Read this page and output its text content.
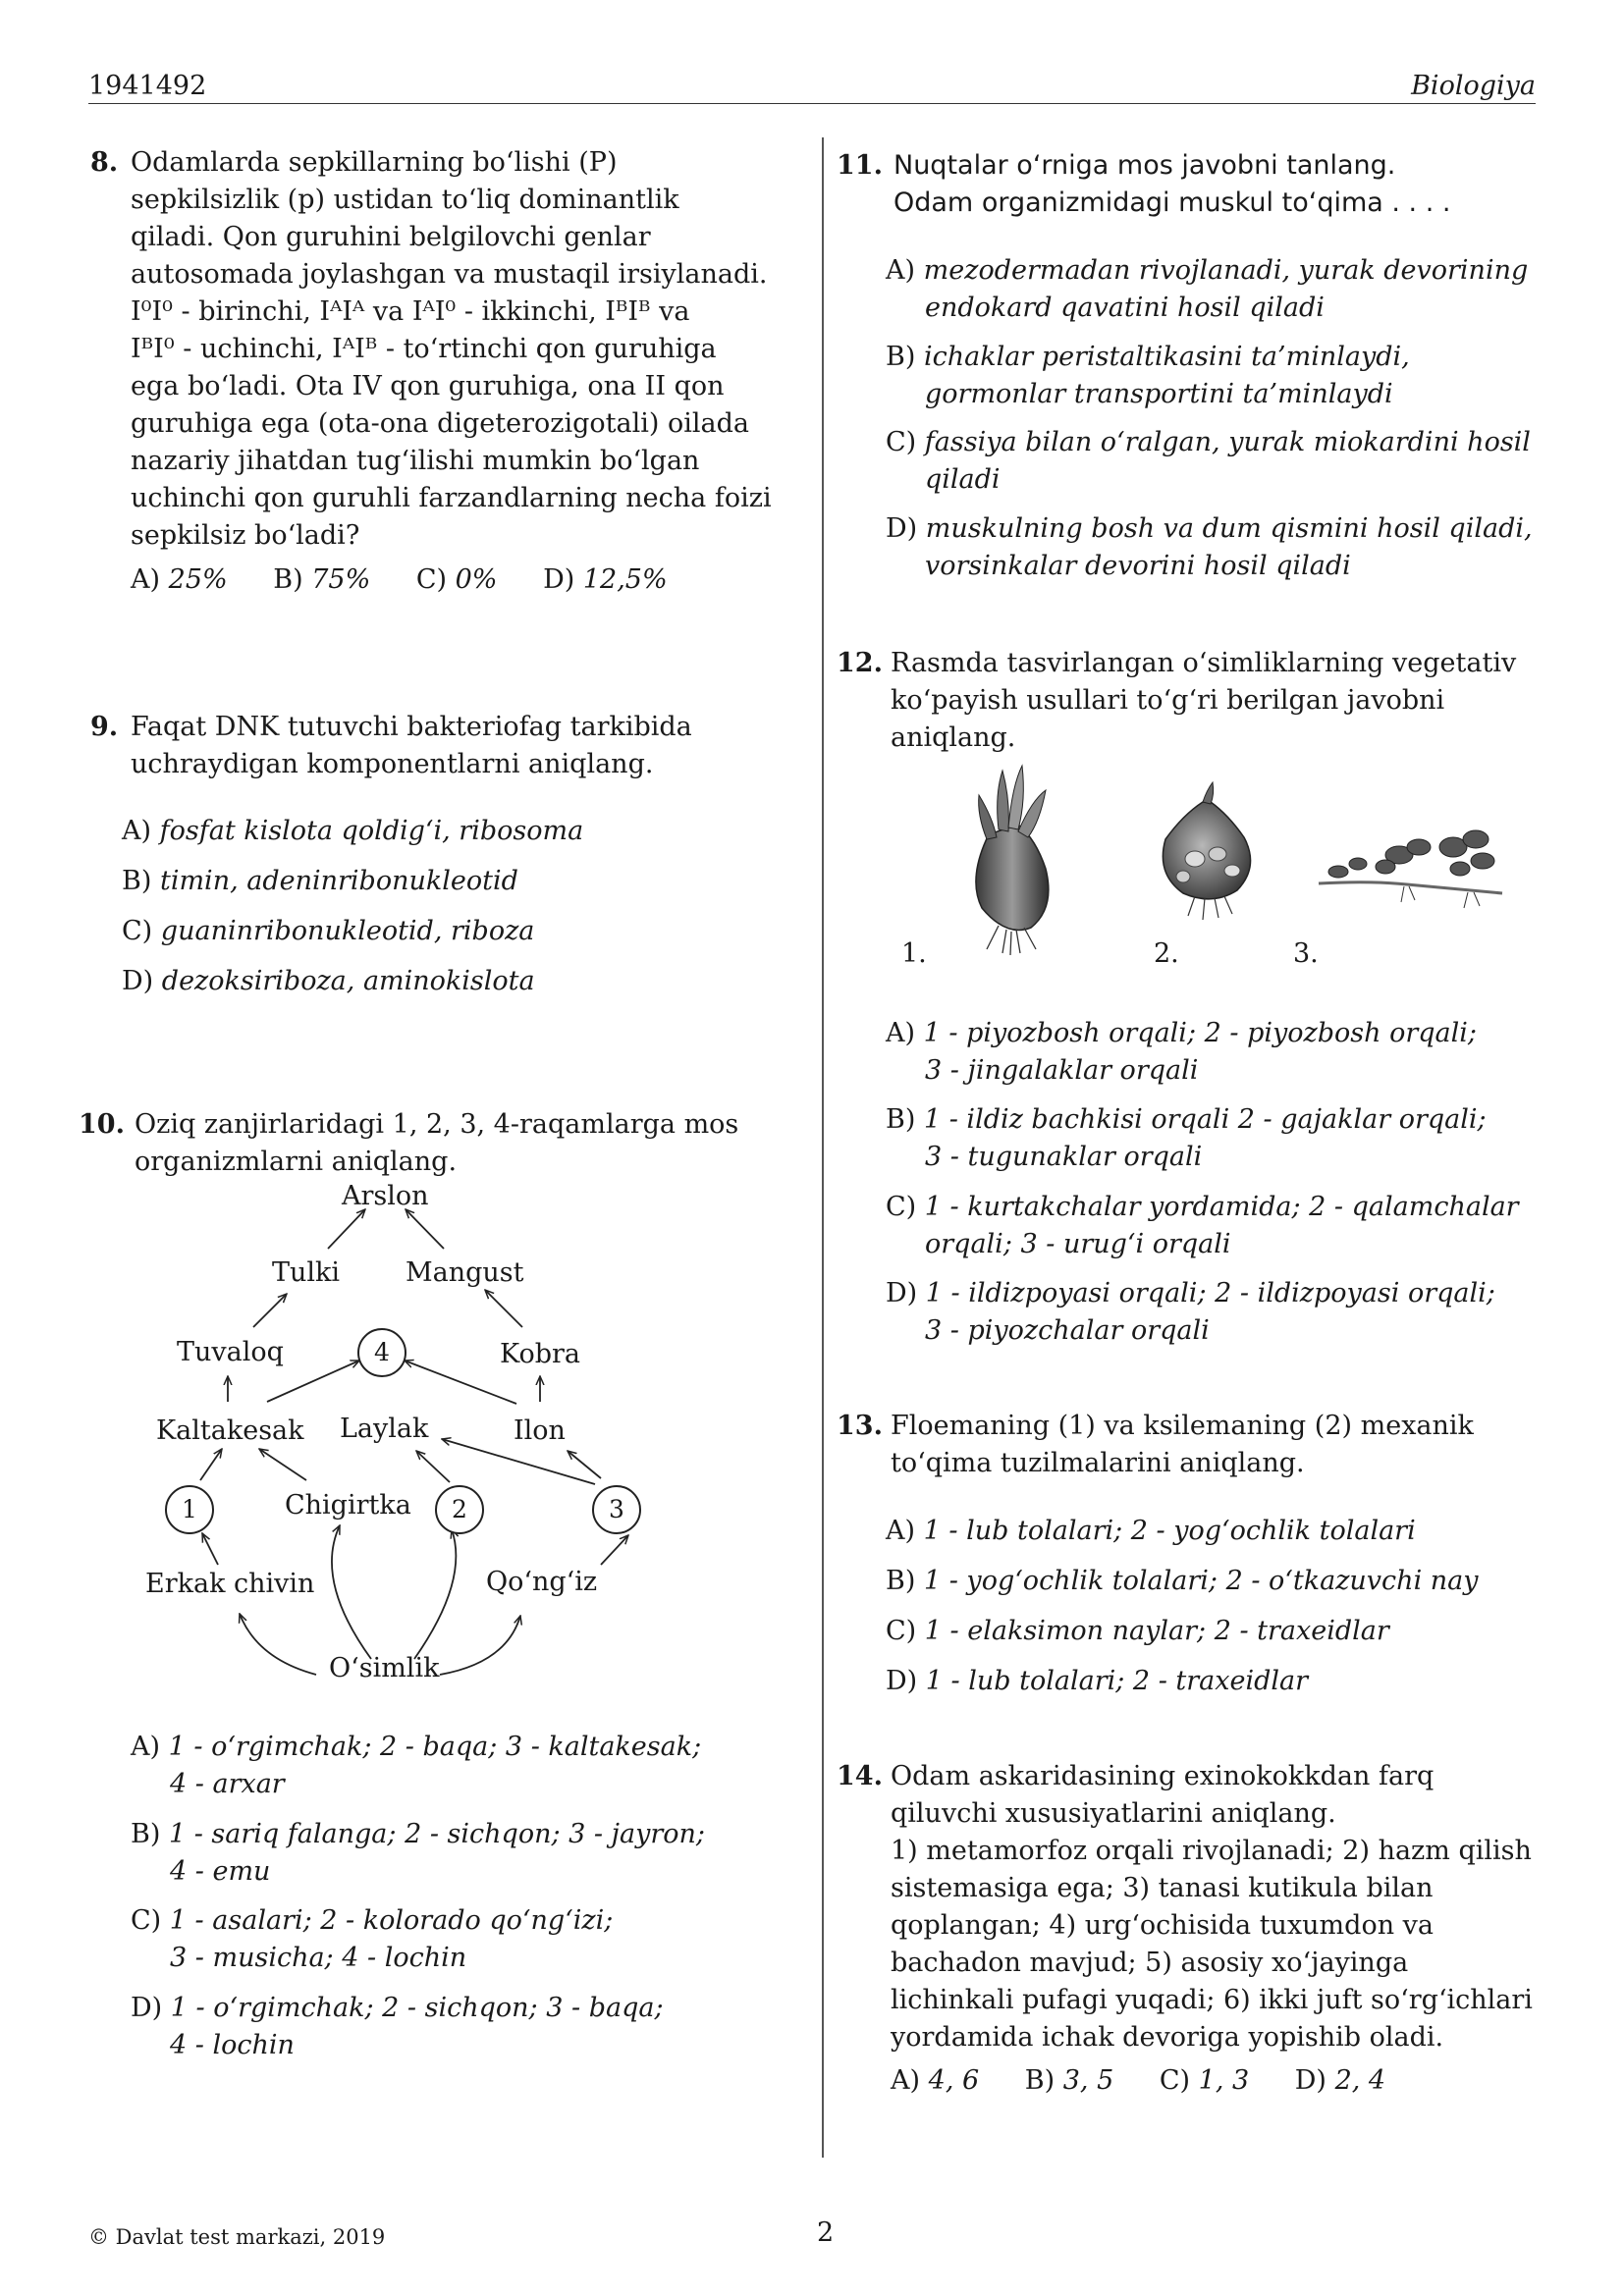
1941492	Biologiya
8. Odamlarda sepkillarning bo‘lishi (P)
sepkilsizlik (p) ustidan to‘liq dominantlik
qiladi. Qon guruhini belgilovchi genlar
autosomada joylashgan va mustaqil irsiylanadi.
I⁰I⁰ - birinchi, IᴬIᴬ va IᴬI⁰ - ikkinchi, IᴮIᴮ va
IᴮI⁰ - uchinchi, IᴬIᴮ - to‘rtinchi qon guruhiga
ega bo‘ladi. Ota IV qon guruhiga, ona II qon
guruhiga ega (ota-ona digeterozigotali) oilada
nazariy jihatdan tug‘ilishi mumkin bo‘lgan
uchinchi qon guruhli farzandlarning necha foizi
sepkilsiz bo‘ladi?
A) 25% B) 75% C) 0% D) 12,5%
9. Faqat DNK tutuvchi bakteriofag tarkibida
uchraydigan komponentlarni aniqlang.
A) fosfat kislota qoldig‘i, ribosoma
B) timin, adeninribonukleotid
C) guaninribonukleotid, riboza
D) dezoksiriboza, aminokislota
10. Oziq zanjirlaridagi 1, 2, 3, 4-raqamlarga mos
organizmlarni aniqlang.
Arslon
Tulki Mangust
Tuvaloq	4	Kobra
Kaltakesak Laylak	Ilon
1	Chigirtka	2	3
Erkak chivin	Qo‘ng‘iz
O‘simlik
A) 1 - o‘rgimchak; 2 - baqa; 3 - kaltakesak;
4 - arxar
B) 1 - sariq falanga; 2 - sichqon; 3 - jayron;
4 - emu
C) 1 - asalari; 2 - kolorado qo‘ng‘izi;
3 - musicha; 4 - lochin
D) 1 - o‘rgimchak; 2 - sichqon; 3 - baqa;
4 - lochin
11. Nuqtalar o‘rniga mos javobni tanlang.
Odam organizmidagi muskul to‘qima . . . .
A) mezodermadan rivojlanadi, yurak devorining
endokard qavatini hosil qiladi
B) ichaklar peristaltikasini ta’minlaydi,
gormonlar transportini ta’minlaydi
C) fassiya bilan o‘ralgan, yurak miokardini hosil
qiladi
D) muskulning bosh va dum qismini hosil qiladi,
vorsinkalar devorini hosil qiladi
12. Rasmda tasvirlangan o‘simliklarning vegetativ
ko‘payish usullari to‘g‘ri berilgan javobni
aniqlang.
1.	2.	3.
A) 1 - piyozbosh orqali; 2 - piyozbosh orqali;
3 - jingalaklar orqali
B) 1 - ildiz bachkisi orqali 2 - gajaklar orqali;
3 - tugunaklar orqali
C) 1 - kurtakchalar yordamida; 2 - qalamchalar
orqali; 3 - urug‘i orqali
D) 1 - ildizpoyasi orqali; 2 - ildizpoyasi orqali;
3 - piyozchalar orqali
13. Floemaning (1) va ksilemaning (2) mexanik
to‘qima tuzilmalarini aniqlang.
A) 1 - lub tolalari; 2 - yog‘ochlik tolalari
B) 1 - yog‘ochlik tolalari; 2 - o‘tkazuvchi nay
C) 1 - elaksimon naylar; 2 - traxeidlar
D) 1 - lub tolalari; 2 - traxeidlar
14. Odam askaridasining exinokokkdan farq
qiluvchi xususiyatlarini aniqlang.
1) metamorfoz orqali rivojlanadi; 2) hazm qilish
sistemasiga ega; 3) tanasi kutikula bilan
qoplangan; 4) urg‘ochisida tuxumdon va
bachadon mavjud; 5) asosiy xo‘jayinga
lichinkali pufagi yuqadi; 6) ikki juft so‘rg‘ichlari
yordamida ichak devoriga yopishib oladi.
A) 4, 6 B) 3, 5 C) 1, 3 D) 2, 4
© Davlat test markazi, 2019	2
